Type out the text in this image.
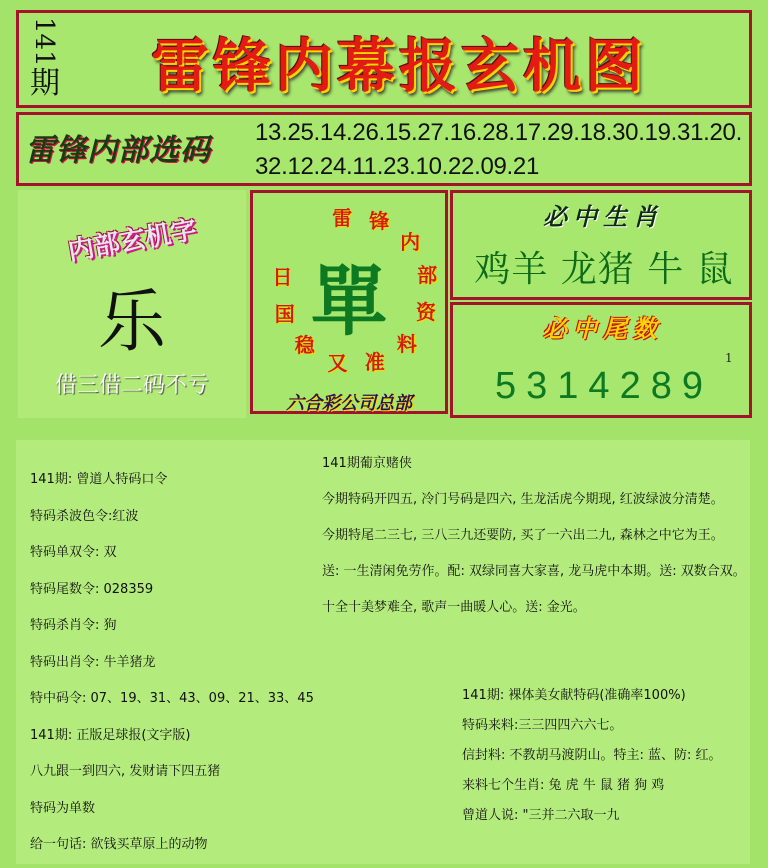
141
期	雷锋内幕报玄机图
雷锋内部选码
13.25.14.26.15.27.16.28.17.29.18.30.19.31.20.
32.12.24.11.23.10.22.09.21
内部玄机字
乐
借三借二码不亏
雷 锋
内
部
资
料
准
又
稳
国
日 單
六合彩公司总部
必中生肖
鸡羊 龙猪 牛 鼠
必中尾数
1
5314289
141期: 曾道人特码口令
特码杀波色令:红波
特码单双令: 双
特码尾数令: 028359
特码杀肖令: 狗
特码出肖令: 牛羊猪龙
特中码令: 07、19、31、43、09、21、33、45
141期: 正版足球报(文字版)
八九跟一到四六, 发财请下四五猪
特码为单数
给一句话: 欲钱买草原上的动物
141期葡京赌侠
今期特码开四五, 冷门号码是四六, 生龙活虎今期现, 红波绿波分清楚。
今期特尾二三七, 三八三九还要防, 买了一六出二九, 森林之中它为王。
送: 一生清闲免劳作。配: 双绿同喜大家喜, 龙马虎中本期。送: 双数合双。
十全十美梦难全, 歌声一曲暖人心。送: 金光。
141期: 裸体美女献特码(准确率100%)
特码来料:三三四四六六七。
信封料: 不教胡马渡阴山。特主: 蓝、防: 红。
来料七个生肖: 兔 虎 牛 鼠 猪 狗 鸡
曾道人说: "三并二六取一九
